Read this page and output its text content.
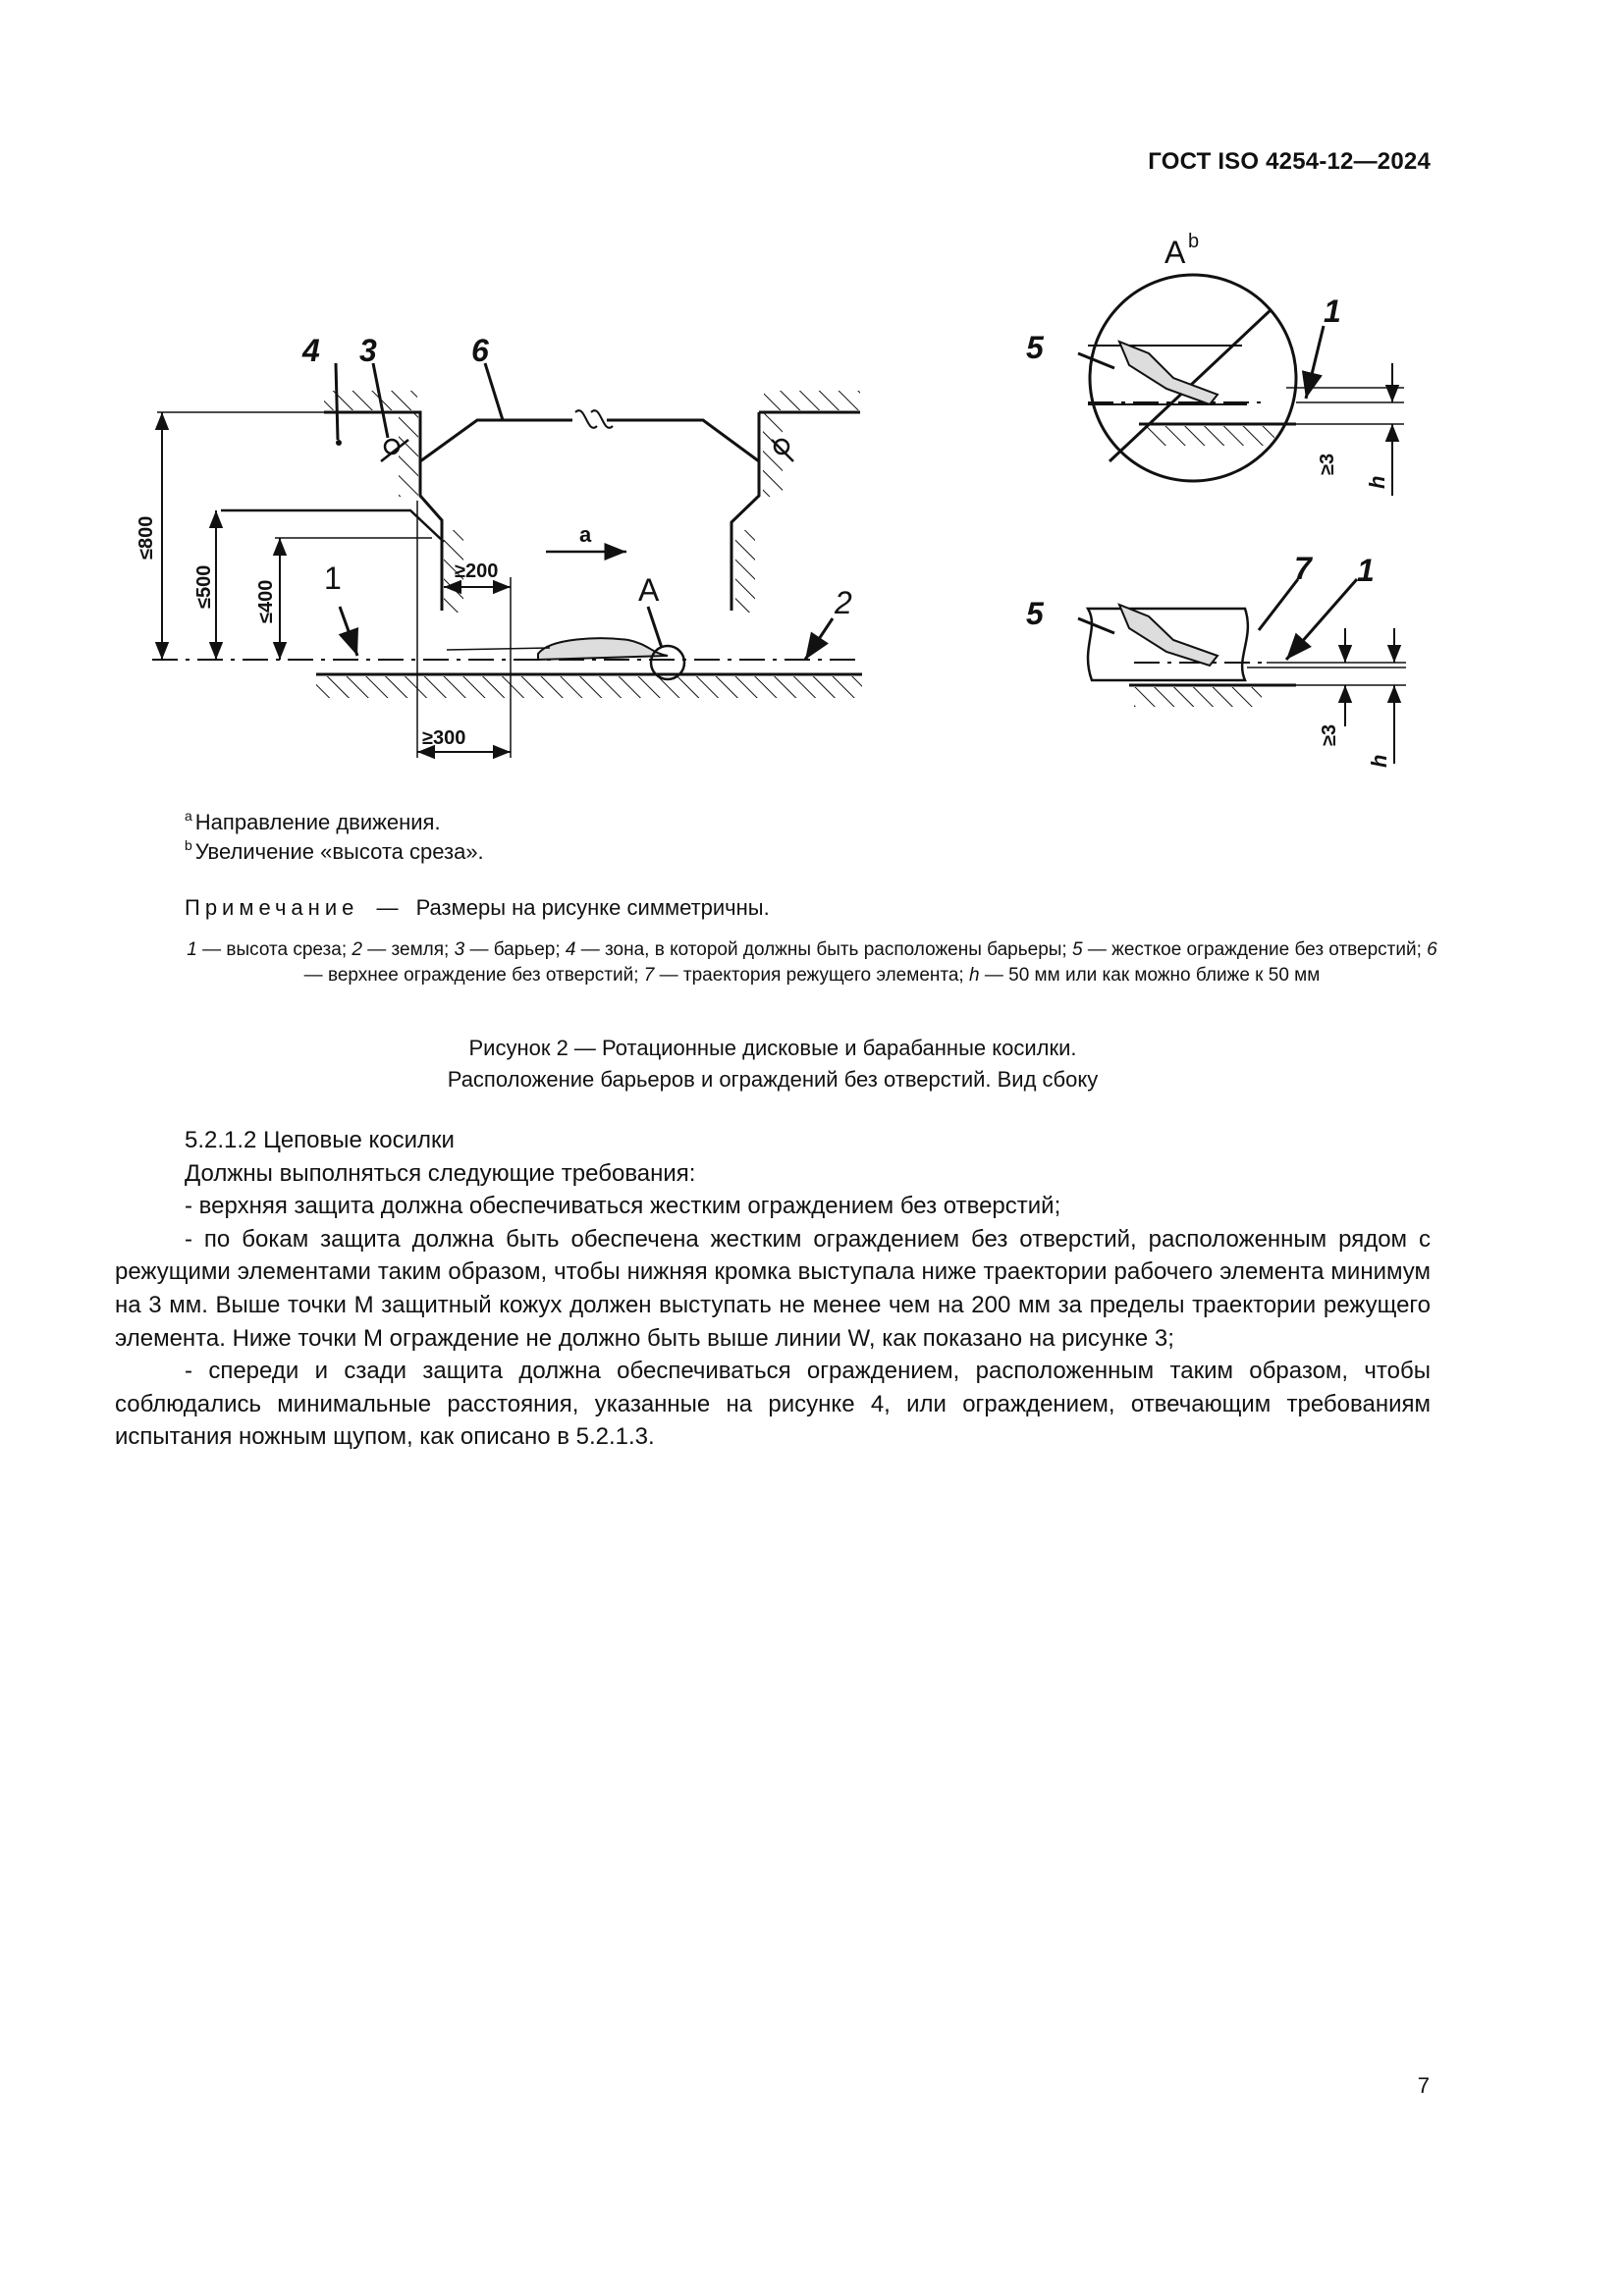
ГОСТ ISO 4254-12—2024
4 3	6
1
2
A
a
≤800
≤500 ≤400
≥200
≥300
A b
5
1
≥3
h
5
7 1
≥3
h
$^a$ Направление движения.
$^b$ Увеличение «высота среза».
Примечание — Размеры на рисунке симметричны.
1 — высота среза; 2 — земля; 3 — барьер; 4 — зона, в которой должны быть расположены барьеры; 5 — жесткое ограждение без отверстий; 6 — верхнее ограждение без отверстий; 7 — траектория режущего элемента; h — 50 мм или как можно ближе к 50 мм
Рисунок 2 — Ротационные дисковые и барабанные косилки.
Расположение барьеров и ограждений без отверстий. Вид сбоку

5.2.1.2 Цеповые косилки

Должны выполняться следующие требования:

- верхняя защита должна обеспечиваться жестким ограждением без отверстий;

- по бокам защита должна быть обеспечена жестким ограждением без отверстий, расположенным рядом с режущими элементами таким образом, чтобы нижняя кромка выступала ниже траектории рабочего элемента минимум на 3 мм. Выше точки М защитный кожух должен выступать не менее чем на 200 мм за пределы траектории режущего элемента. Ниже точки М ограждение не должно быть выше линии W, как показано на рисунке 3;

- спереди и сзади защита должна обеспечиваться ограждением, расположенным таким образом, чтобы соблюдались минимальные расстояния, указанные на рисунке 4, или ограждением, отвечающим требованиям испытания ножным щупом, как описано в 5.2.1.3.

7
